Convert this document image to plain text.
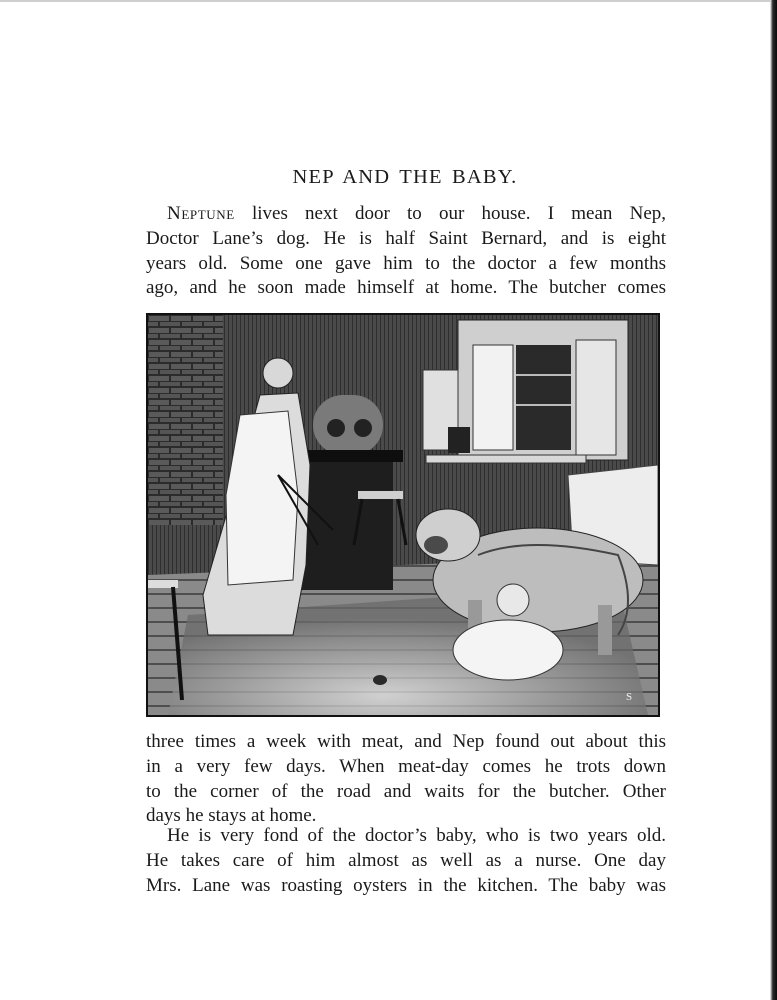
NEP AND THE BABY.

Neptune lives next door to our house. I mean Nep,
Doctor Lane’s dog. He is half Saint Bernard, and is eight
years old. Some one gave him to the doctor a few months
ago, and he soon made himself at home. The butcher comes

S

three times a week with meat, and Nep found out about this
in a very few days. When meat-day comes he trots down
to the corner of the road and waits for the butcher. Other
days he stays at home.

He is very fond of the doctor’s baby, who is two years old.
He takes care of him almost as well as a nurse. One day
Mrs. Lane was roasting oysters in the kitchen. The baby was
